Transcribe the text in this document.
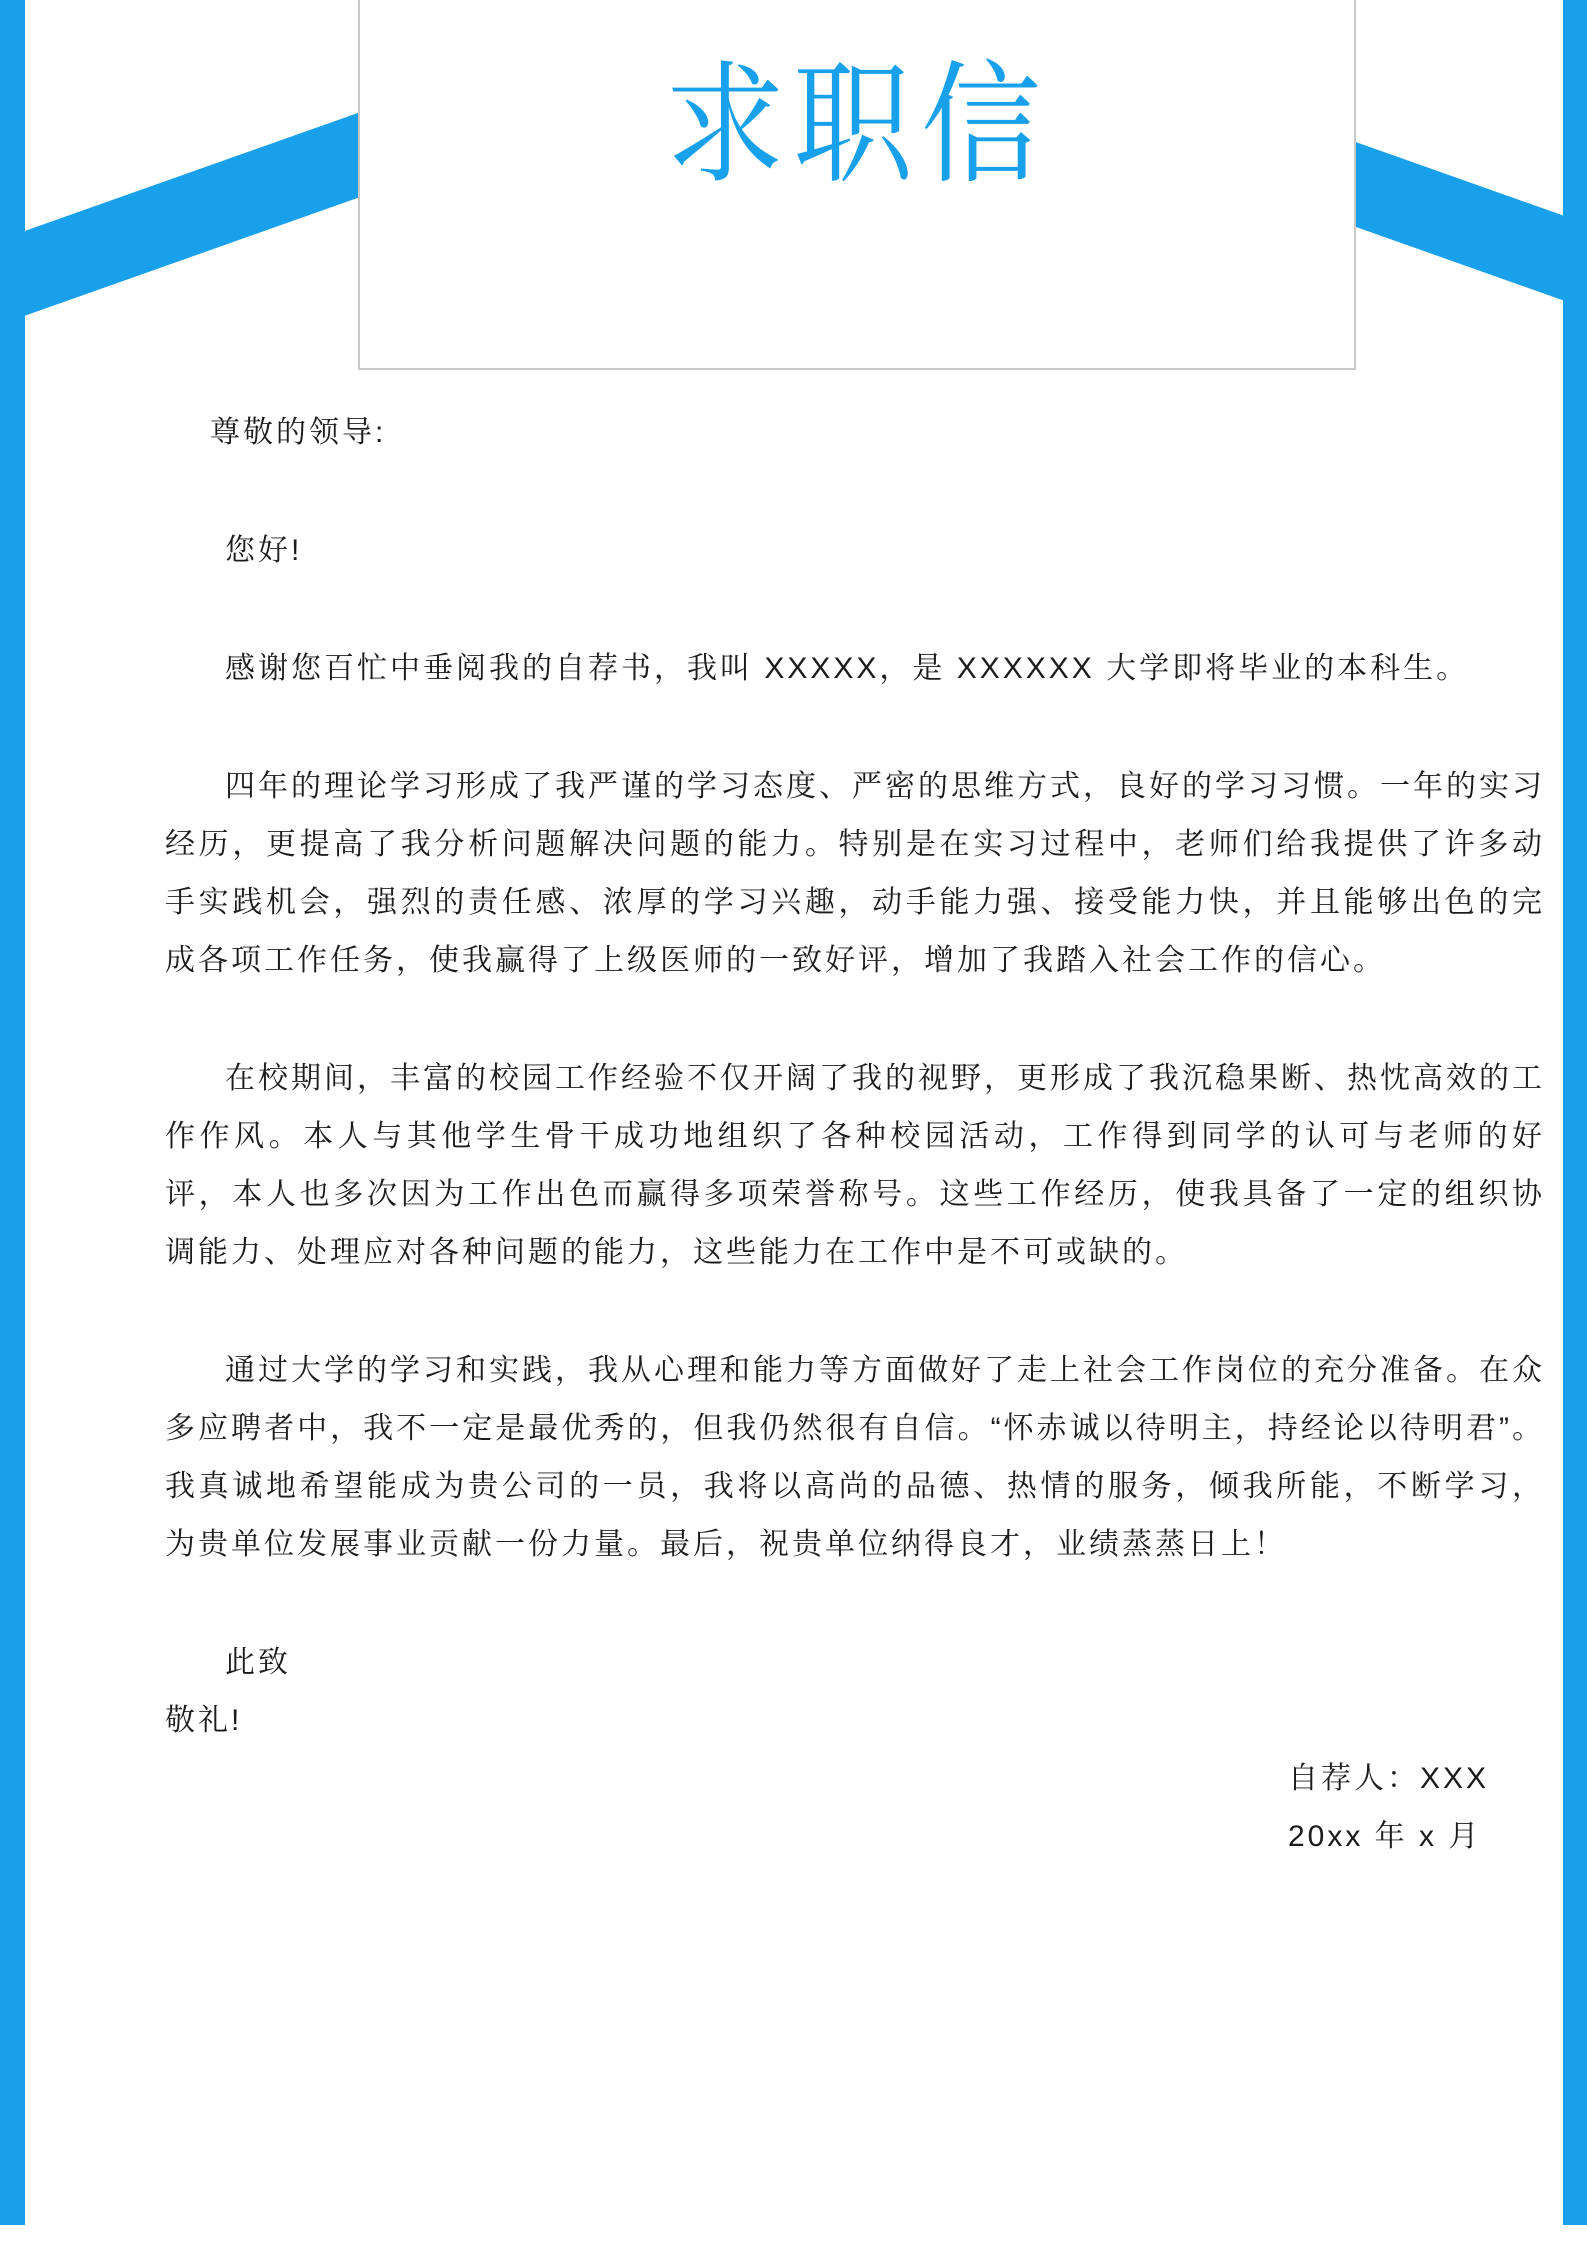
求职信

尊敬的领导:

您好!

感谢您百忙中垂阅我的自荐书，我叫 XXXXX，是 XXXXXX 大学即将毕业的本科生。

四年的理论学习形成了我严谨的学习态度、严密的思维方式，良好的学习习惯。一年的实习经历，更提高了我分析问题解决问题的能力。特别是在实习过程中，老师们给我提供了许多动手实践机会，强烈的责任感、浓厚的学习兴趣，动手能力强、接受能力快，并且能够出色的完成各项工作任务，使我赢得了上级医师的一致好评，增加了我踏入社会工作的信心。

在校期间，丰富的校园工作经验不仅开阔了我的视野，更形成了我沉稳果断、热忱高效的工作作风。本人与其他学生骨干成功地组织了各种校园活动，工作得到同学的认可与老师的好评，本人也多次因为工作出色而赢得多项荣誉称号。这些工作经历，使我具备了一定的组织协调能力、处理应对各种问题的能力，这些能力在工作中是不可或缺的。

通过大学的学习和实践，我从心理和能力等方面做好了走上社会工作岗位的充分准备。在众多应聘者中，我不一定是最优秀的，但我仍然很有自信。“怀赤诚以待明主，持经论以待明君”。我真诚地希望能成为贵公司的一员，我将以高尚的品德、热情的服务，倾我所能，不断学习，为贵单位发展事业贡献一份力量。最后，祝贵单位纳得良才，业绩蒸蒸日上！

此致

敬礼!

自荐人：XXX
20xx 年 x 月
